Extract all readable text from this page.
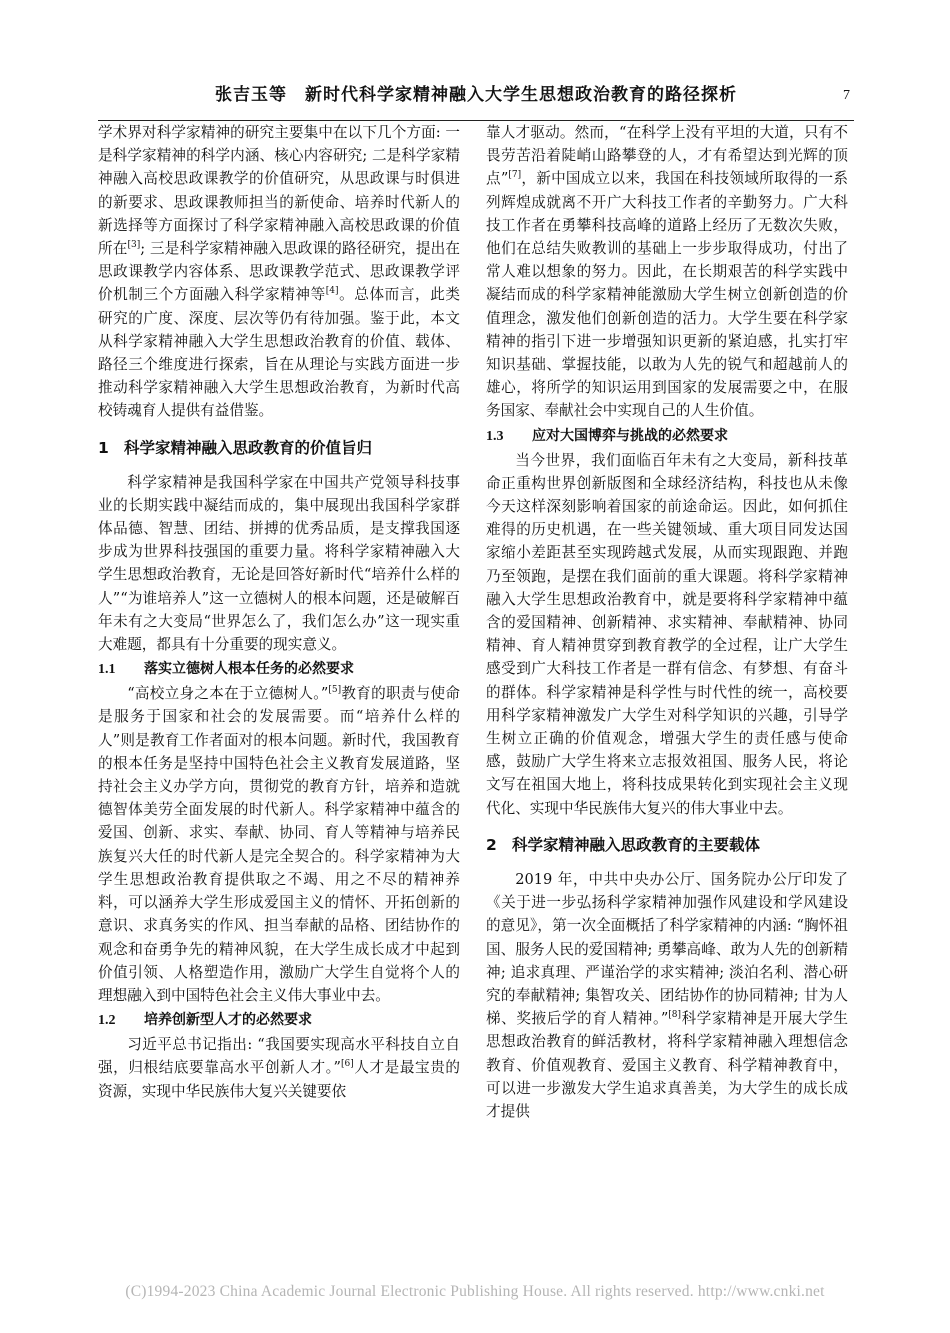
张吉玉等　新时代科学家精神融入大学生思想政治教育的路径探析	7

学术界对科学家精神的研究主要集中在以下几个方面: 一是科学家精神的科学内涵、核心内容研究; 二是科学家精神融入高校思政课教学的价值研究，从思政课与时俱进的新要求、思政课教师担当的新使命、培养时代新人的新选择等方面探讨了科学家精神融入高校思政课的价值所在[3]; 三是科学家精神融入思政课的路径研究，提出在思政课教学内容体系、思政课教学范式、思政课教学评价机制三个方面融入科学家精神等[4]。总体而言，此类研究的广度、深度、层次等仍有待加强。鉴于此，本文从科学家精神融入大学生思想政治教育的价值、载体、路径三个维度进行探索，旨在从理论与实践方面进一步推动科学家精神融入大学生思想政治教育，为新时代高校铸魂育人提供有益借鉴。

1 科学家精神融入思政教育的价值旨归

科学家精神是我国科学家在中国共产党领导科技事业的长期实践中凝结而成的，集中展现出我国科学家群体品德、智慧、团结、拼搏的优秀品质，是支撑我国逐步成为世界科技强国的重要力量。将科学家精神融入大学生思想政治教育，无论是回答好新时代“培养什么样的人”“为谁培养人”这一立德树人的根本问题，还是破解百年未有之大变局“世界怎么了，我们怎么办”这一现实重大难题，都具有十分重要的现实意义。

1.1 落实立德树人根本任务的必然要求

“高校立身之本在于立德树人。”[5]教育的职责与使命是服务于国家和社会的发展需要。而“培养什么样的人”则是教育工作者面对的根本问题。新时代，我国教育的根本任务是坚持中国特色社会主义教育发展道路，坚持社会主义办学方向，贯彻党的教育方针，培养和造就德智体美劳全面发展的时代新人。科学家精神中蕴含的爱国、创新、求实、奉献、协同、育人等精神与培养民族复兴大任的时代新人是完全契合的。科学家精神为大学生思想政治教育提供取之不竭、用之不尽的精神养料，可以涵养大学生形成爱国主义的情怀、开拓创新的意识、求真务实的作风、担当奉献的品格、团结协作的观念和奋勇争先的精神风貌，在大学生成长成才中起到价值引领、人格塑造作用，激励广大学生自觉将个人的理想融入到中国特色社会主义伟大事业中去。

1.2 培养创新型人才的必然要求

习近平总书记指出: “我国要实现高水平科技自立自强，归根结底要靠高水平创新人才。”[6]人才是最宝贵的资源，实现中华民族伟大复兴关键要依

靠人才驱动。然而，“在科学上没有平坦的大道，只有不畏劳苦沿着陡峭山路攀登的人，才有希望达到光辉的顶点”[7]，新中国成立以来，我国在科技领域所取得的一系列辉煌成就离不开广大科技工作者的辛勤努力。广大科技工作者在勇攀科技高峰的道路上经历了无数次失败，他们在总结失败教训的基础上一步步取得成功，付出了常人难以想象的努力。因此，在长期艰苦的科学实践中凝结而成的科学家精神能激励大学生树立创新创造的价值理念，激发他们创新创造的活力。大学生要在科学家精神的指引下进一步增强知识更新的紧迫感，扎实打牢知识基础、掌握技能，以敢为人先的锐气和超越前人的雄心，将所学的知识运用到国家的发展需要之中，在服务国家、奉献社会中实现自己的人生价值。

1.3 应对大国博弈与挑战的必然要求

当今世界，我们面临百年未有之大变局，新科技革命正重构世界创新版图和全球经济结构，科技也从未像今天这样深刻影响着国家的前途命运。因此，如何抓住难得的历史机遇，在一些关键领域、重大项目同发达国家缩小差距甚至实现跨越式发展，从而实现跟跑、并跑乃至领跑，是摆在我们面前的重大课题。将科学家精神融入大学生思想政治教育中，就是要将科学家精神中蕴含的爱国精神、创新精神、求实精神、奉献精神、协同精神、育人精神贯穿到教育教学的全过程，让广大学生感受到广大科技工作者是一群有信念、有梦想、有奋斗的群体。科学家精神是科学性与时代性的统一，高校要用科学家精神激发广大学生对科学知识的兴趣，引导学生树立正确的价值观念，增强大学生的责任感与使命感，鼓励广大学生将来立志报效祖国、服务人民，将论文写在祖国大地上，将科技成果转化到实现社会主义现代化、实现中华民族伟大复兴的伟大事业中去。

2 科学家精神融入思政教育的主要载体

2019 年，中共中央办公厅、国务院办公厅印发了《关于进一步弘扬科学家精神加强作风建设和学风建设的意见》，第一次全面概括了科学家精神的内涵: “胸怀祖国、服务人民的爱国精神; 勇攀高峰、敢为人先的创新精神; 追求真理、严谨治学的求实精神; 淡泊名利、潜心研究的奉献精神; 集智攻关、团结协作的协同精神; 甘为人梯、奖掖后学的育人精神。”[8]科学家精神是开展大学生思想政治教育的鲜活教材，将科学家精神融入理想信念教育、价值观教育、爱国主义教育、科学精神教育中，可以进一步激发大学生追求真善美，为大学生的成长成才提供

(C)1994-2023 China Academic Journal Electronic Publishing House. All rights reserved. http://www.cnki.net
